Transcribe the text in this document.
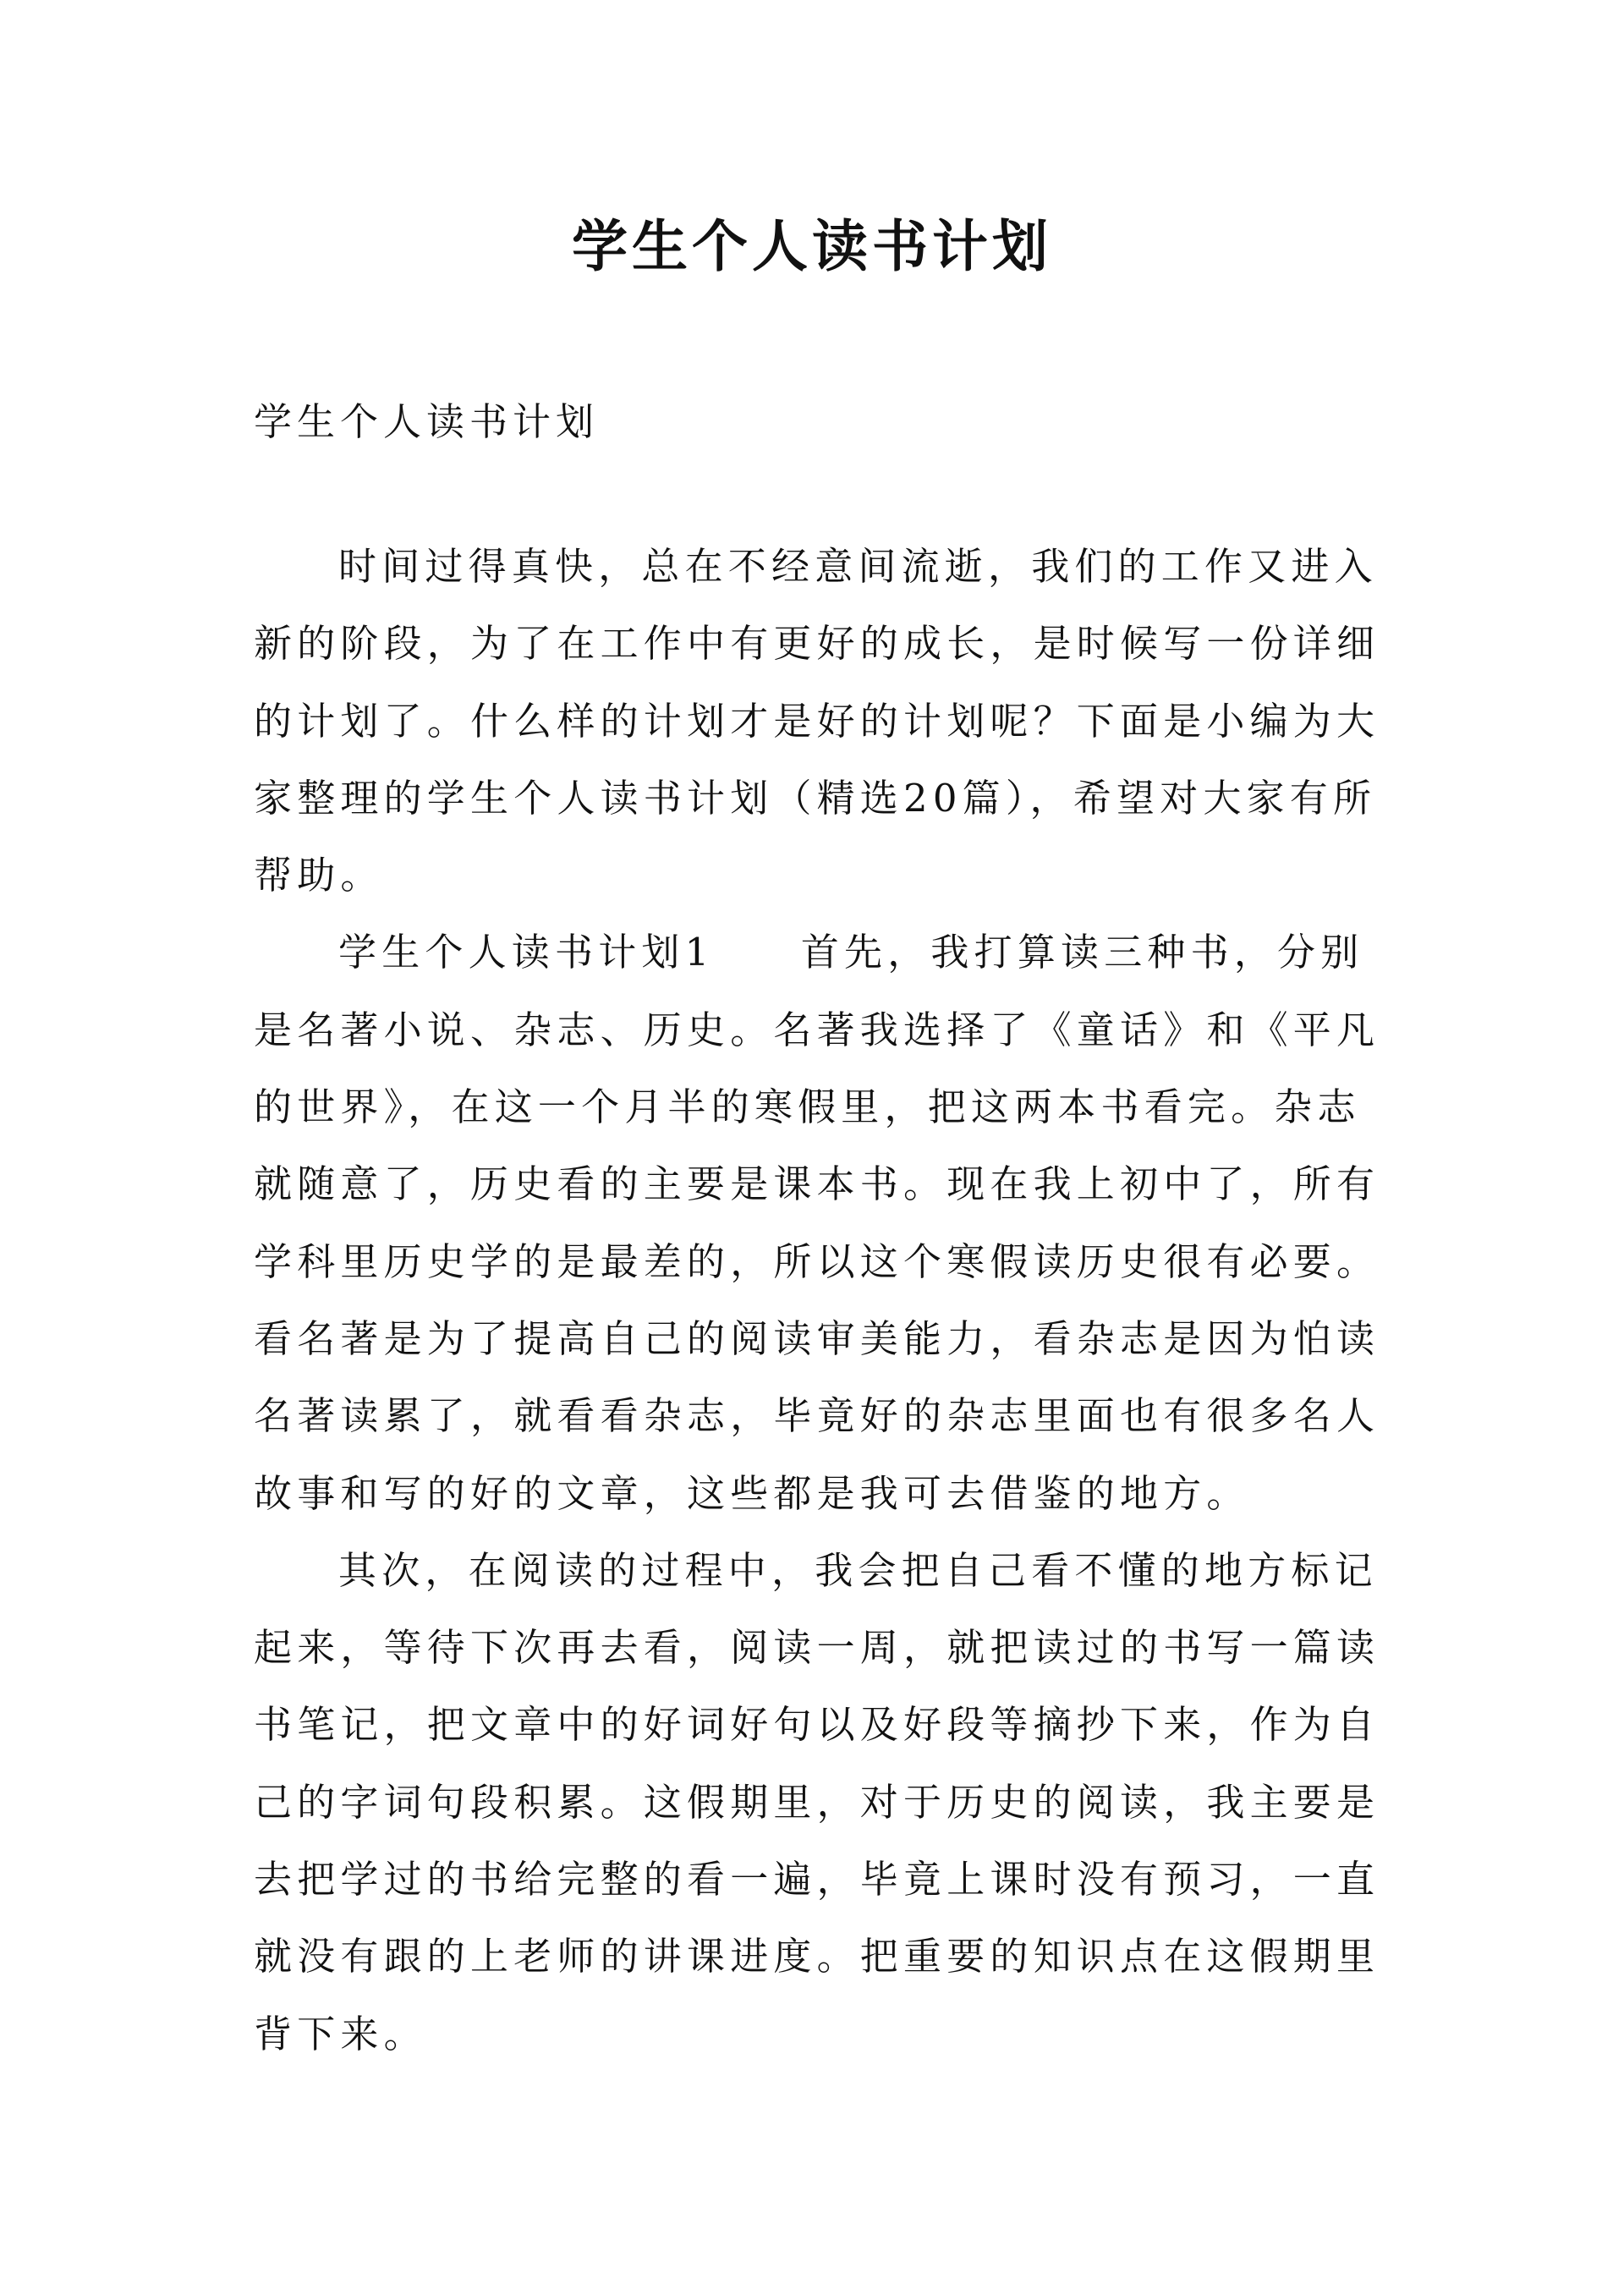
学生个人读书计划
学生个人读书计划
时间过得真快，总在不经意间流逝，我们的工作又进入
新的阶段，为了在工作中有更好的成长，是时候写一份详细
的计划了。什么样的计划才是好的计划呢？下面是小编为大
家整理的学生个人读书计划（精选20篇），希望对大家有所
帮助。
学生个人读书计划1　　首先，我打算读三种书，分别
是名著小说、杂志、历史。名著我选择了《童话》和《平凡
的世界》，在这一个月半的寒假里，把这两本书看完。杂志
就随意了，历史看的主要是课本书。现在我上初中了，所有
学科里历史学的是最差的，所以这个寒假读历史很有必要。
看名著是为了提高自己的阅读审美能力，看杂志是因为怕读
名著读累了，就看看杂志，毕竟好的杂志里面也有很多名人
故事和写的好的文章，这些都是我可去借鉴的地方。
其次，在阅读的过程中，我会把自己看不懂的地方标记
起来，等待下次再去看，阅读一周，就把读过的书写一篇读
书笔记，把文章中的好词好句以及好段等摘抄下来，作为自
己的字词句段积累。这假期里，对于历史的阅读，我主要是
去把学过的书给完整的看一遍，毕竟上课时没有预习，一直
就没有跟的上老师的讲课进度。把重要的知识点在这假期里
背下来。
